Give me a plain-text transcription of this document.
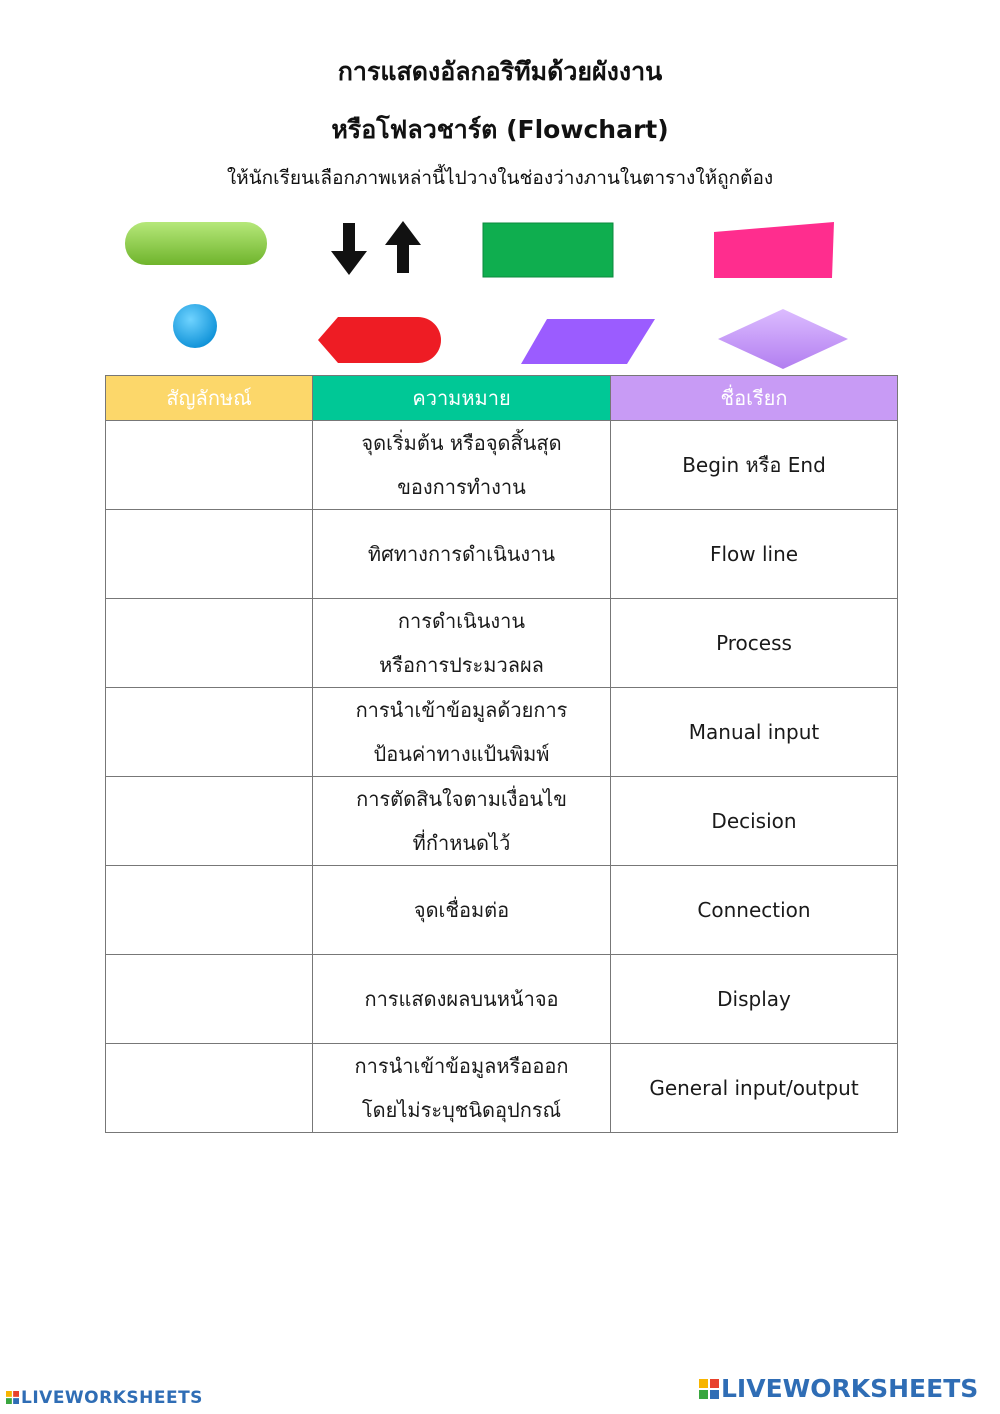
การแสดงอัลกอริทึมด้วยผังงาน
หรือโฟลวชาร์ต (Flowchart)
ให้นักเรียนเลือกภาพเหล่านี้ไปวางในช่องว่างภานในตารางให้ถูกต้อง
สัญลักษณ์	ความหมาย	ชื่อเรียก
	จุดเริ่มต้น หรือจุดสิ้นสุด
ของการทำงาน	Begin หรือ End
	ทิศทางการดำเนินงาน	Flow line
	การดำเนินงาน
หรือการประมวลผล	Process
	การนำเข้าข้อมูลด้วยการ
ป้อนค่าทางแป้นพิมพ์	Manual input
	การตัดสินใจตามเงื่อนไข
ที่กำหนดไว้	Decision
	จุดเชื่อมต่อ	Connection
	การแสดงผลบนหน้าจอ	Display
	การนำเข้าข้อมูลหรือออก
โดยไม่ระบุชนิดอุปกรณ์	General input/output
LIVEWORKSHEETS	LIVEWORKSHEETS
